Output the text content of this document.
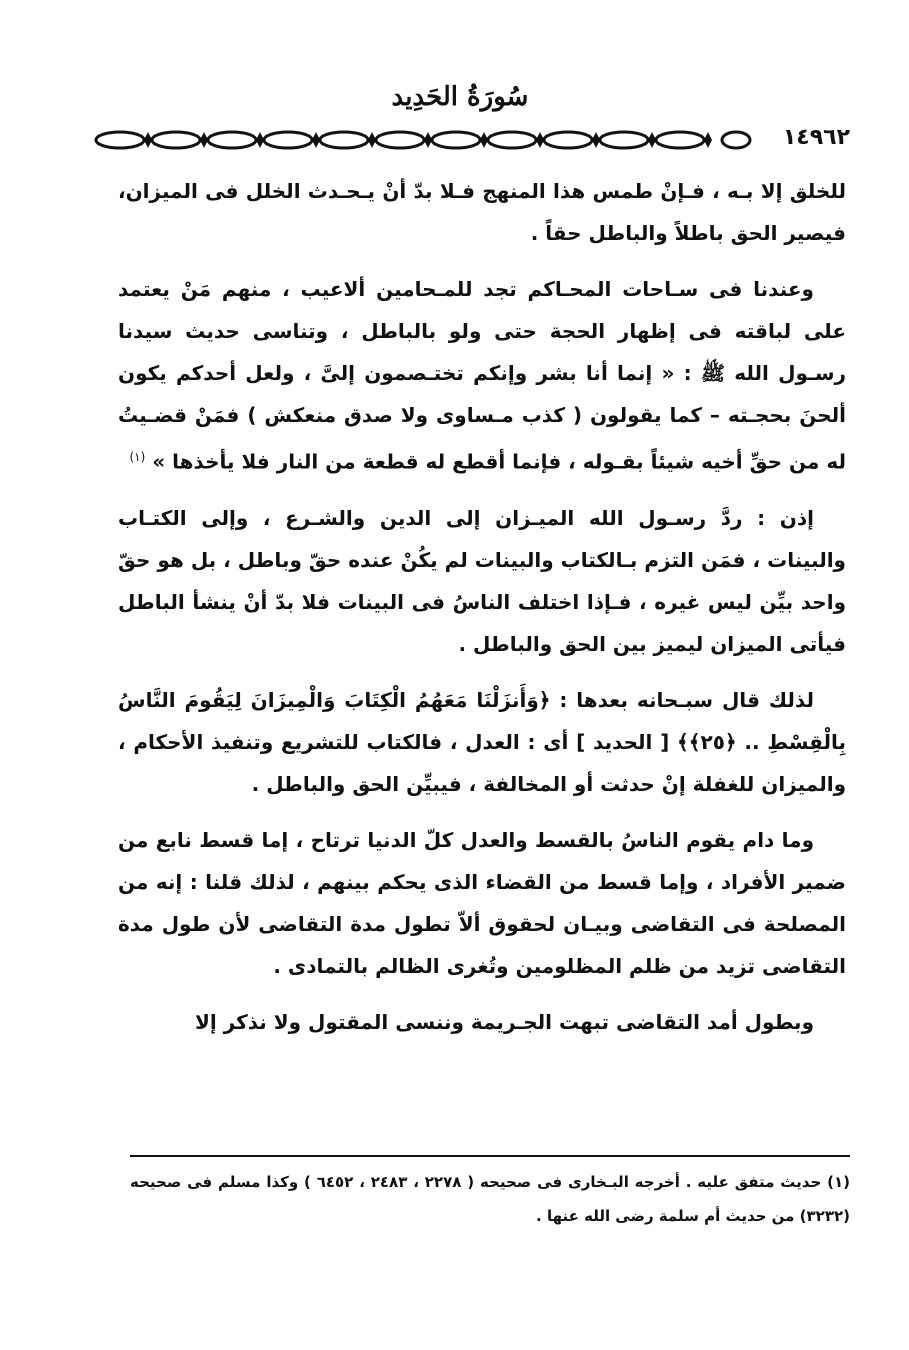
سُورَةُ الحَدِيد
١٤٩٦٢

للخلق إلا بـه ، فـإنْ طمس هذا المنهج فـلا بدّ أنْ يـحـدث الخلل فى الميزان، فيصير الحق باطلاً والباطل حقاً .

وعندنا فى سـاحات المحـاكم تجد للمـحامين ألاعيب ، منهم مَنْ يعتمد على لباقته فى إظهار الحجة حتى ولو بالباطل ، وتناسى حديث سيدنا رسـول الله ﷺ : « إنما أنا بشر وإنكم تختـصمون إلىَّ ، ولعل أحدكم يكون ألحنَ بحجـته – كما يقولون ( كذب مـساوى ولا صدق منعكش ) فمَنْ قضـيتُ له من حقِّ أخيه شيئاً بقـوله ، فإنما أقطع له قطعة من النار فلا يأخذها » $^{(١)}$

إذن : ردَّ رسـول الله الميـزان إلى الدين والشـرع ، وإلى الكتـاب والبينات ، فمَن التزم بـالكتاب والبينات لم يكُنْ عنده حقّ وباطل ، بل هو حقّ واحد بيِّن ليس غيره ، فـإذا اختلف الناسُ فى البينات فلا بدّ أنْ ينشأ الباطل فيأتى الميزان ليميز بين الحق والباطل .

لذلك قال سبـحانه بعدها : ﴿وَأَنزَلْنَا مَعَهُمُ الْكِتَابَ وَالْمِيزَانَ لِيَقُومَ النَّاسُ بِالْقِسْطِ .. ﴿٢٥﴾﴾ [ الحديد ] أى : العدل ، فالكتاب للتشريع وتنفيذ الأحكام ، والميزان للغفلة إنْ حدثت أو المخالفة ، فيبيِّن الحق والباطل .

وما دام يقوم الناسُ بالقسط والعدل كلّ الدنيا ترتاح ، إما قسط نابع من ضمير الأفراد ، وإما قسط من القضاء الذى يحكم بينهم ، لذلك قلنا : إنه من المصلحة فى التقاضى وبيـان لحقوق ألاّ تطول مدة التقاضى لأن طول مدة التقاضى تزيد من ظلم المظلومين وتُغرى الظالم بالتمادى .

وبطول أمد التقاضى تبهت الجـريمة وننسى المقتول ولا نذكر إلا

(١) حديث متفق عليه . أخرجه البـخارى فى صحيحه ( ٢٢٧٨ ، ٢٤٨٣ ، ٦٤٥٢ ) وكذا مسلم فى صحيحه (٣٢٣٢) من حديث أم سلمة رضى الله عنها .
